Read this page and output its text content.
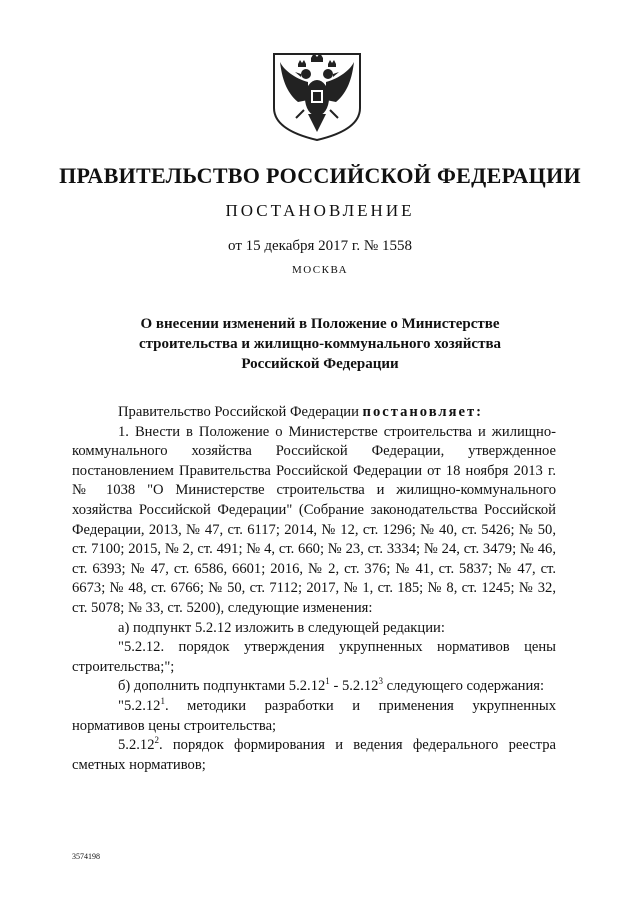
ПРАВИТЕЛЬСТВО РОССИЙСКОЙ ФЕДЕРАЦИИ
ПОСТАНОВЛЕНИЕ
от 15 декабря 2017 г. № 1558
МОСКВА
О внесении изменений в Положение о Министерстве
строительства и жилищно-коммунального хозяйства
Российской Федерации

Правительство Российской Федерации постановляет:

1. Внести в Положение о Министерстве строительства и жилищно-коммунального хозяйства Российской Федерации, утвержденное постановлением Правительства Российской Федерации от 18 ноября 2013 г. № 1038 "О Министерстве строительства и жилищно-коммунального хозяйства Российской Федерации" (Собрание законодательства Российской Федерации, 2013, № 47, ст. 6117; 2014, № 12, ст. 1296; № 40, ст. 5426; № 50, ст. 7100; 2015, № 2, ст. 491; № 4, ст. 660; № 23, ст. 3334; № 24, ст. 3479; № 46, ст. 6393; № 47, ст. 6586, 6601; 2016, № 2, ст. 376; № 41, ст. 5837; № 47, ст. 6673; № 48, ст. 6766; № 50, ст. 7112; 2017, № 1, ст. 185; № 8, ст. 1245; № 32, ст. 5078; № 33, ст. 5200), следующие изменения:

а) подпункт 5.2.12 изложить в следующей редакции:

"5.2.12. порядок утверждения укрупненных нормативов цены строительства;";

б) дополнить подпунктами 5.2.12$^1$ - 5.2.12$^3$ следующего содержания:

"5.2.12$^1$. методики разработки и применения укрупненных нормативов цены строительства;

5.2.12$^2$. порядок формирования и ведения федерального реестра сметных нормативов;

3574198
